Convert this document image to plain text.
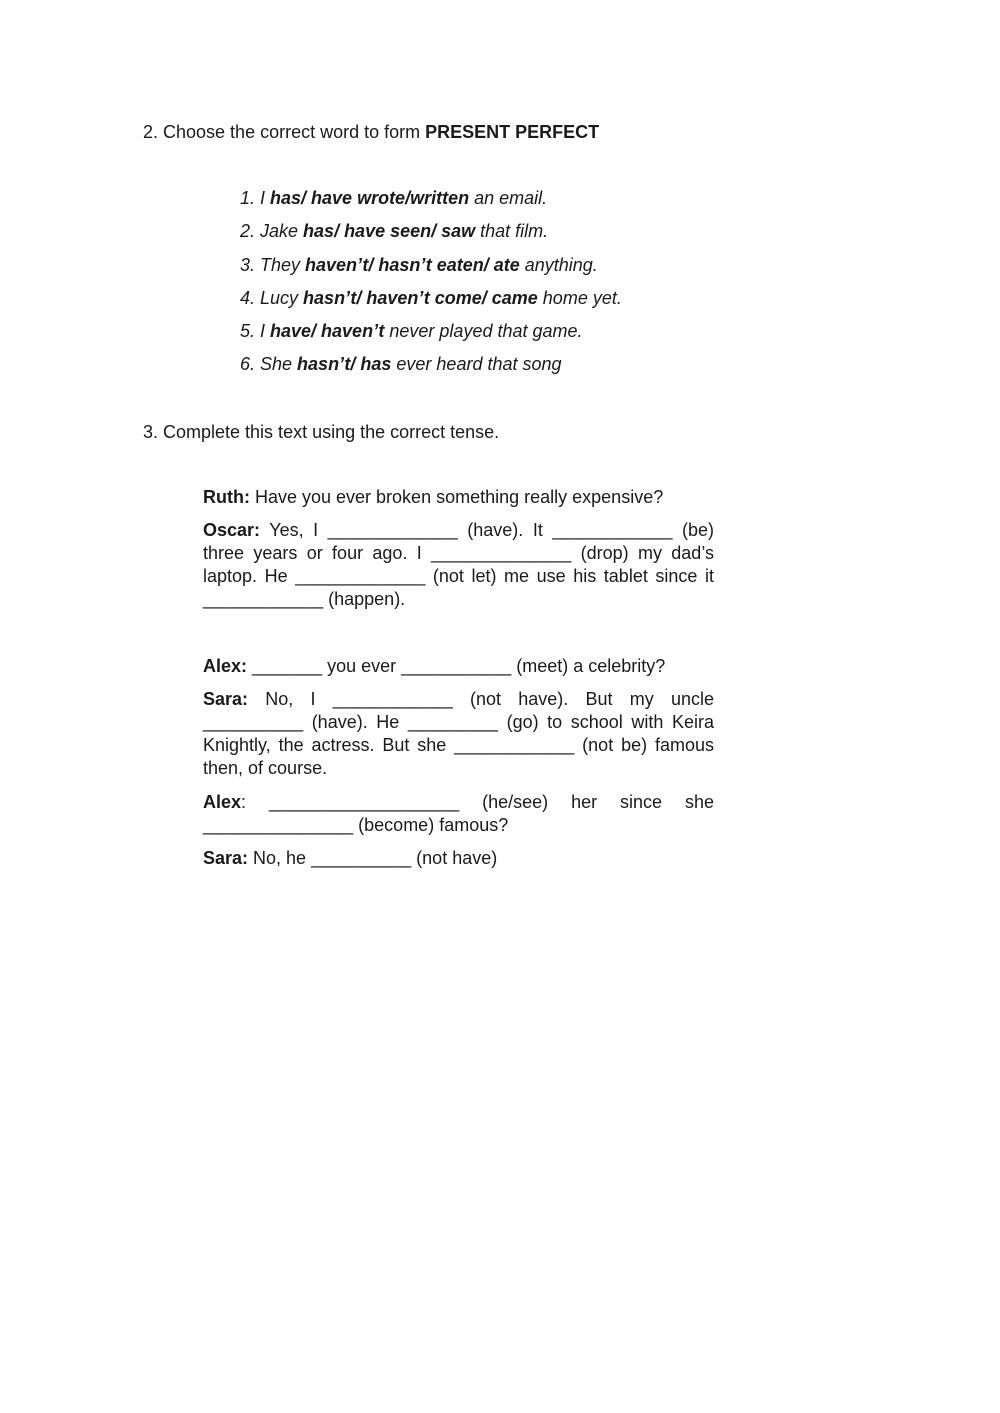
2. Choose the correct word to form PRESENT PERFECT
1. I has/ have wrote/written an email.
2. Jake has/ have seen/ saw that film.
3. They haven’t/ hasn’t eaten/ ate anything.
4. Lucy hasn’t/ haven’t come/ came home yet.
5. I have/ haven’t never played that game.
6. She hasn’t/ has ever heard that song
3. Complete this text using the correct tense.
Ruth: Have you ever broken something really expensive?
Oscar: Yes, I _____________ (have). It ____________ (be) three years or four ago. I ______________ (drop) my dad’s laptop. He _____________ (not let) me use his tablet since it ____________ (happen).
Alex: _______ you ever ___________ (meet) a celebrity?
Sara: No, I ____________ (not have). But my uncle __________ (have). He _________ (go) to school with Keira Knightly, the actress. But she ____________ (not be) famous then, of course.
Alex: ___________________ (he/see) her since she _______________ (become) famous?
Sara: No, he __________ (not have)
